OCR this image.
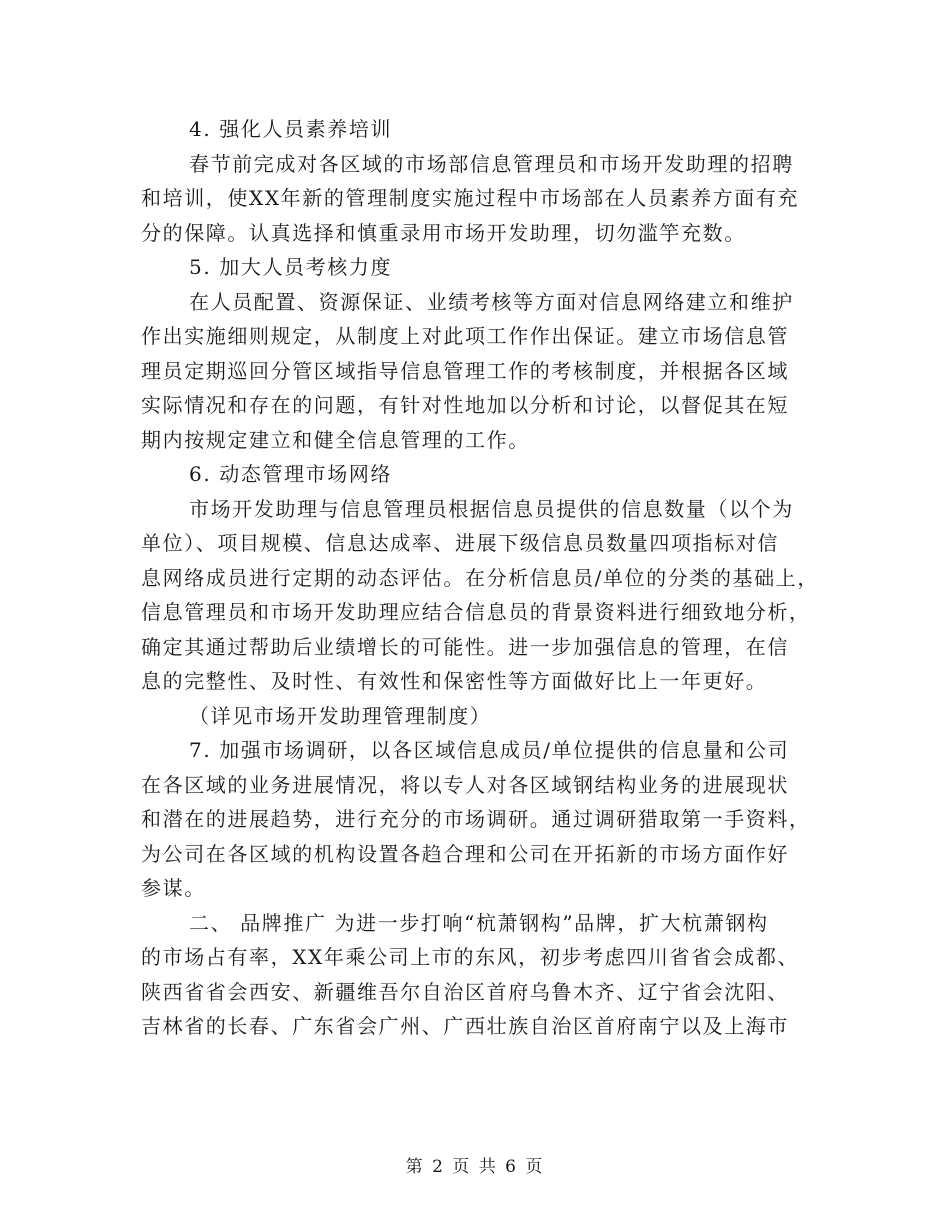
4. 强化人员素养培训

春节前完成对各区域的市场部信息管理员和市场开发助理的招聘

和培训，使XX年新的管理制度实施过程中市场部在人员素养方面有充

分的保障。认真选择和慎重录用市场开发助理，切勿滥竽充数。

5. 加大人员考核力度

在人员配置、资源保证、业绩考核等方面对信息网络建立和维护

作出实施细则规定，从制度上对此项工作作出保证。建立市场信息管

理员定期巡回分管区域指导信息管理工作的考核制度，并根据各区域

实际情况和存在的问题，有针对性地加以分析和讨论，以督促其在短

期内按规定建立和健全信息管理的工作。

6. 动态管理市场网络

市场开发助理与信息管理员根据信息员提供的信息数量（以个为

单位）、项目规模、信息达成率、进展下级信息员数量四项指标对信

息网络成员进行定期的动态评估。在分析信息员/单位的分类的基础上，

信息管理员和市场开发助理应结合信息员的背景资料进行细致地分析，

确定其通过帮助后业绩增长的可能性。进一步加强信息的管理，在信

息的完整性、及时性、有效性和保密性等方面做好比上一年更好。

（详见市场开发助理管理制度）

7. 加强市场调研，以各区域信息成员/单位提供的信息量和公司

在各区域的业务进展情况，将以专人对各区域钢结构业务的进展现状

和潜在的进展趋势，进行充分的市场调研。通过调研猎取第一手资料，

为公司在各区域的机构设置各趋合理和公司在开拓新的市场方面作好

参谋。

二、 品牌推广 为进一步打响“杭萧钢构”品牌，扩大杭萧钢构

的市场占有率，XX年乘公司上市的东风，初步考虑四川省省会成都、

陕西省省会西安、新疆维吾尔自治区首府乌鲁木齐、辽宁省会沈阳、

吉林省的长春、广东省会广州、广西壮族自治区首府南宁以及上海市

第 2 页 共 6 页
